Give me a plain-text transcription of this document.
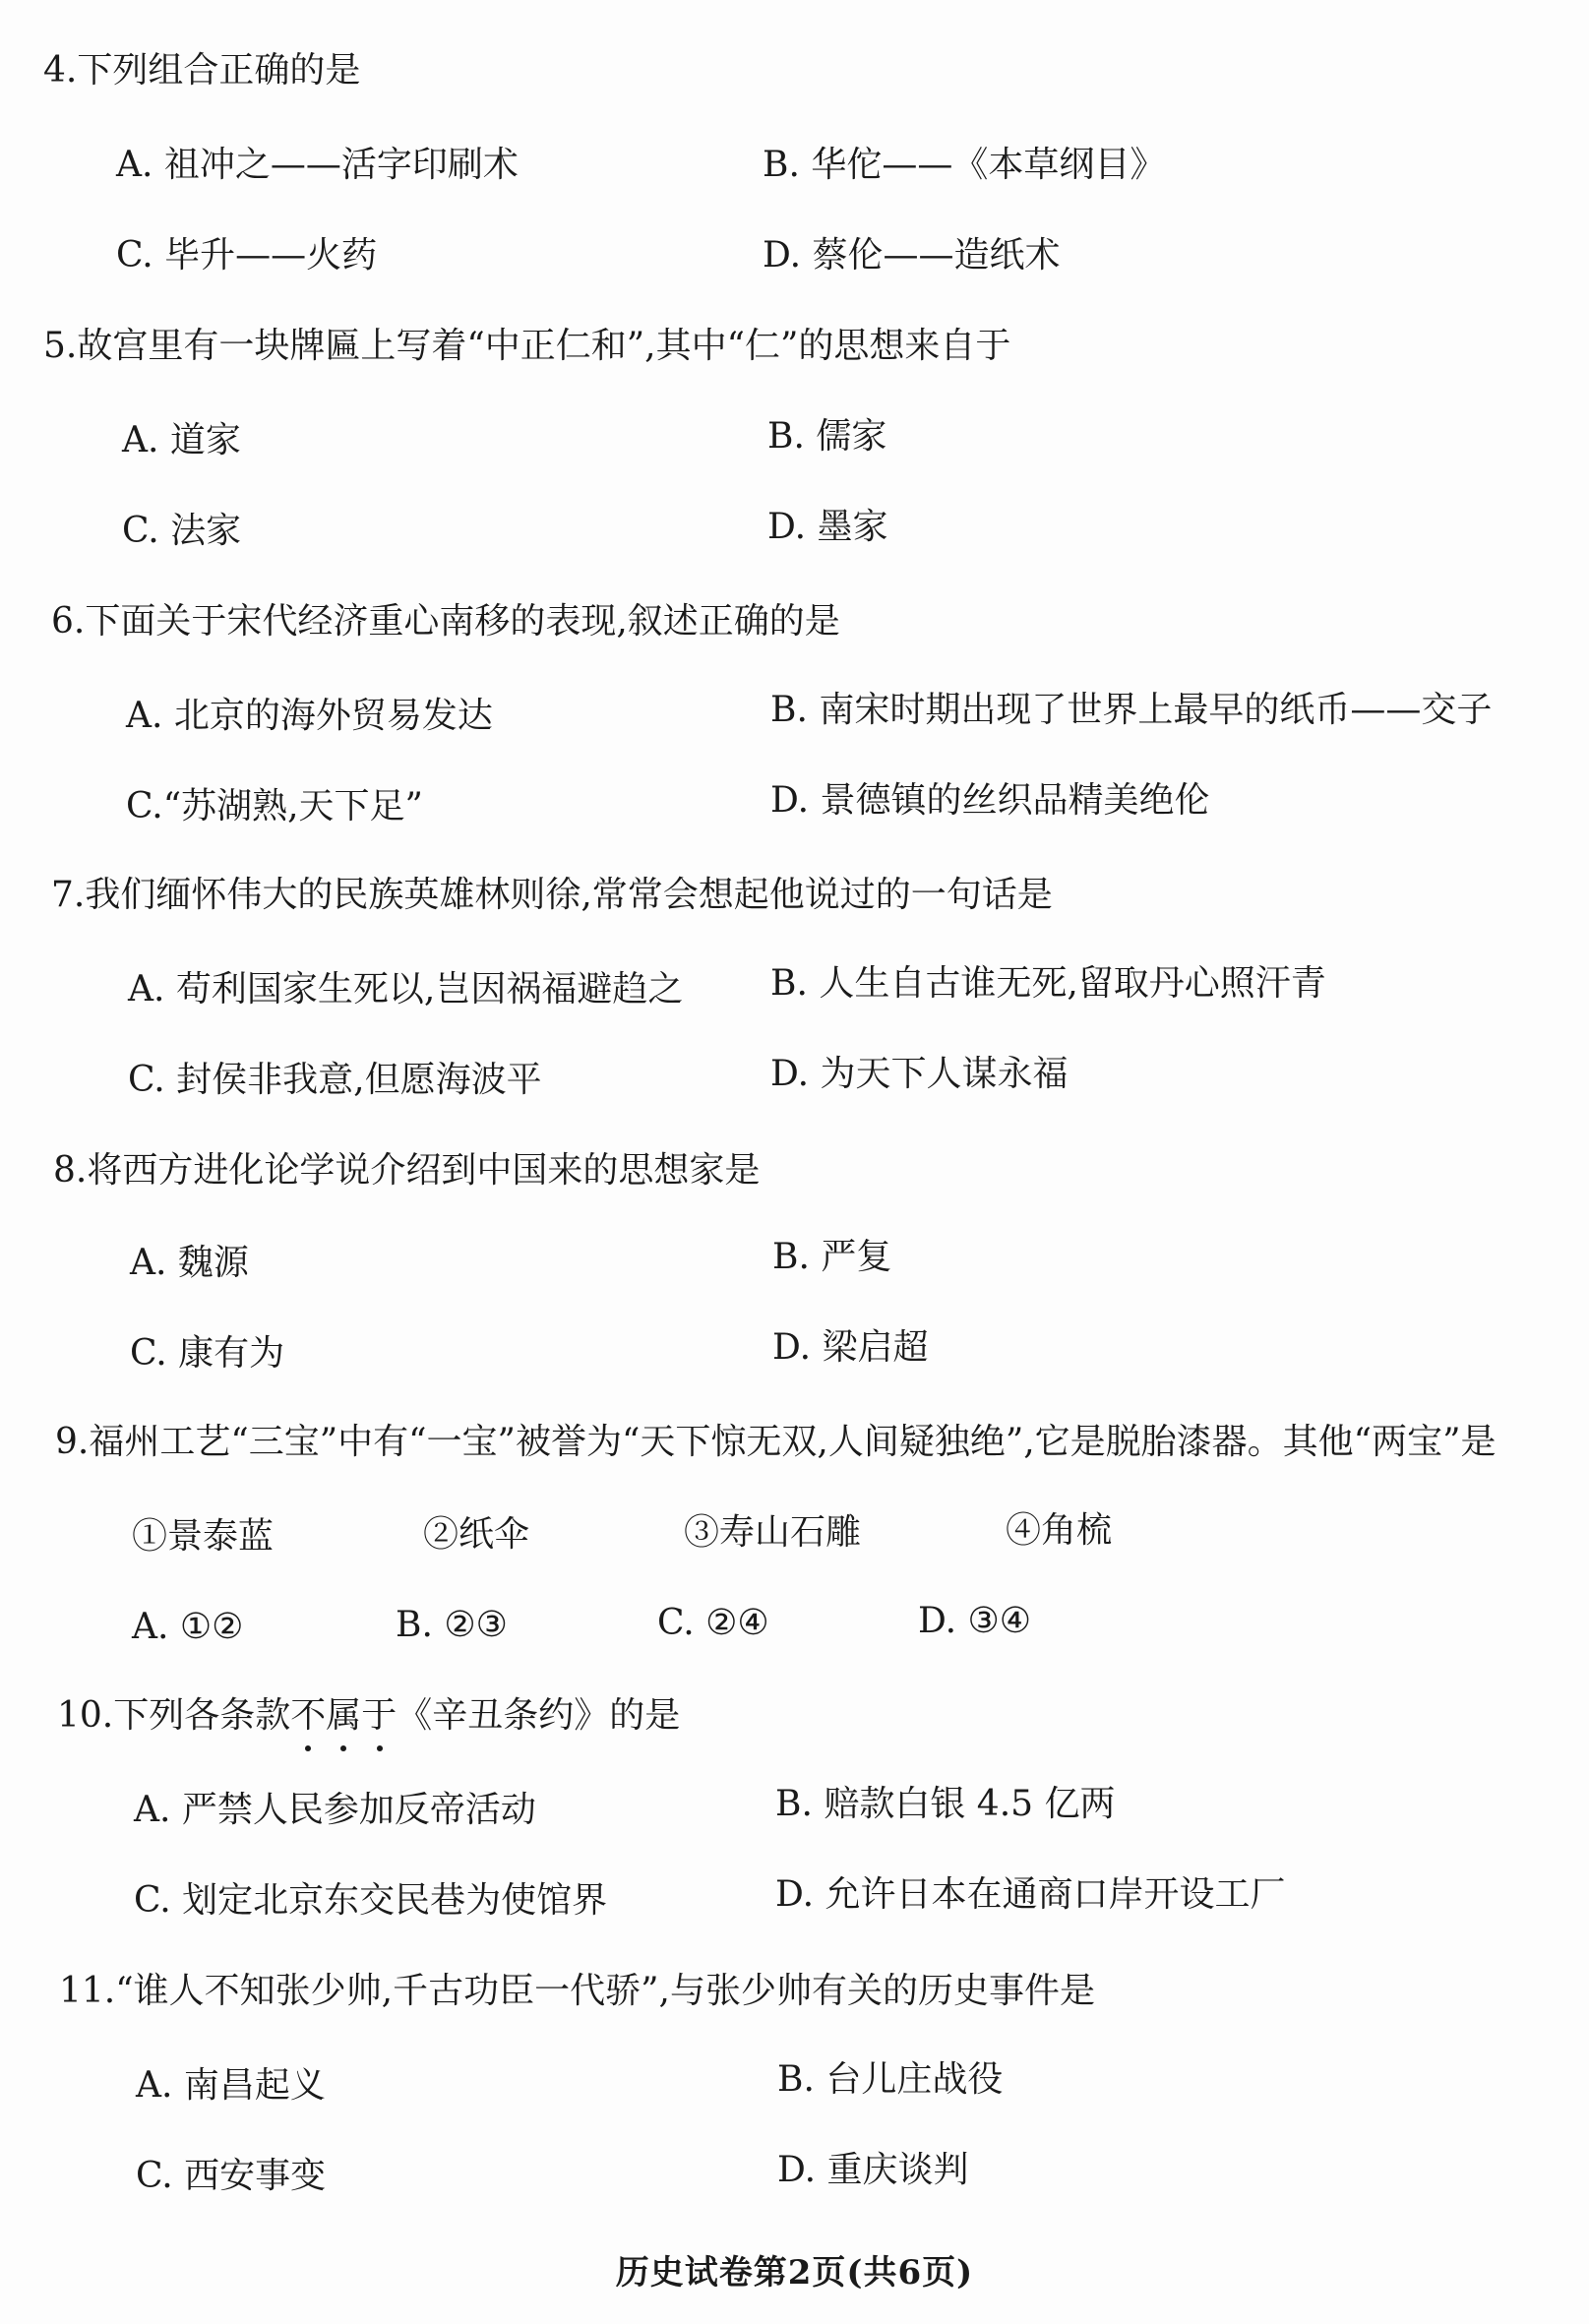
4.下列组合正确的是
A. 祖冲之——活字印刷术	B. 华佗——《本草纲目》
C. 毕升——火药	D. 蔡伦——造纸术
5.故宫里有一块牌匾上写着“中正仁和”,其中“仁”的思想来自于
A. 道家	B. 儒家
C. 法家	D. 墨家
6.下面关于宋代经济重心南移的表现,叙述正确的是
A. 北京的海外贸易发达	B. 南宋时期出现了世界上最早的纸币——交子
C.“苏湖熟,天下足”	D. 景德镇的丝织品精美绝伦
7.我们缅怀伟大的民族英雄林则徐,常常会想起他说过的一句话是
A. 苟利国家生死以,岂因祸福避趋之 B. 人生自古谁无死,留取丹心照汗青
C. 封侯非我意,但愿海波平	D. 为天下人谋永福
8.将西方进化论学说介绍到中国来的思想家是
A. 魏源	B. 严复
C. 康有为	D. 梁启超
9.福州工艺“三宝”中有“一宝”被誉为“天下惊无双,人间疑独绝”,它是脱胎漆器。其他“两宝”是
①景泰蓝	②纸伞	③寿山石雕	④角梳
A. ①②	B. ②③	C. ②④	D. ③④
10.下列各条款不属于
《辛丑条约》的是
A. 严禁人民参加反帝活动	B. 赔款白银 4.5 亿两
C. 划定北京东交民巷为使馆界	D. 允许日本在通商口岸开设工厂
11.“谁人不知张少帅,千古功臣一代骄”,与张少帅有关的历史事件是
A. 南昌起义	B. 台儿庄战役
C. 西安事变	D. 重庆谈判
历史试卷第2页(共6页)
